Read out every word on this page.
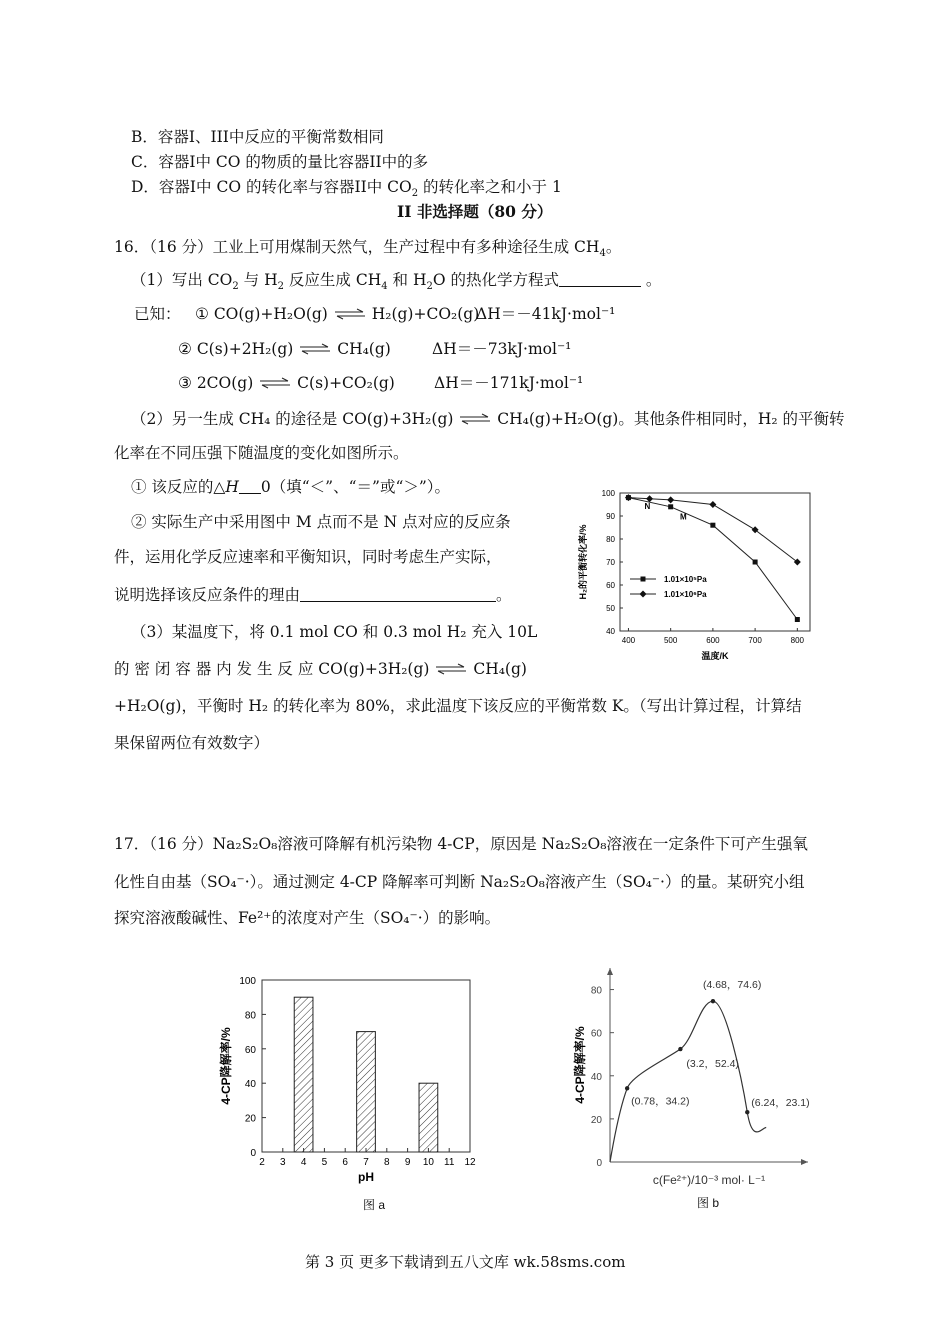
B．容器I、III中反应的平衡常数相同
C．容器I中 CO 的物质的量比容器II中的多
D．容器I中 CO 的转化率与容器II中 $CO_2$ 的转化率之和小于 1
II 非选择题（80 分）
16．（16 分）工业上可用煤制天然气，生产过程中有多种途径生成 $CH_4$。
（1）写出 $CO_2$ 与 $H_2$ 反应生成 $CH_4$ 和 $H_2O$ 的热化学方程式	。
已知： ① CO(g)+H₂O(g) ⇌ H₂(g)+CO₂(g)
ΔH＝－41kJ·mol⁻¹
② C(s)+2H₂(g) ⇌ CH₄(g)	ΔH＝－73kJ·mol⁻¹
③ 2CO(g) ⇌ C(s)+CO₂(g)	ΔH＝－171kJ·mol⁻¹
（2）另一生成 CH₄ 的途径是 CO(g)+3H₂(g) ⇌ CH₄(g)+H₂O(g)。其他条件相同时，H₂ 的平衡转
化率在不同压强下随温度的变化如图所示。
① 该反应的△H 0（填“＜”、“＝”或“＞”）。
② 实际生产中采用图中 M 点而不是 N 点对应的反应条
件，运用化学反应速率和平衡知识，同时考虑生产实际，
说明选择该反应条件的理由	。
（3）某温度下，将 0.1 mol CO 和 0.3 mol H₂ 充入 10L
的 密 闭 容 器 内 发 生 反 应 CO(g)+3H₂(g) ⇌ CH₄(g)
+H₂O(g)，平衡时 H₂ 的转化率为 80%，求此温度下该反应的平衡常数 K。（写出计算过程，计算结
果保留两位有效数字）
40
50
60
70
80
90
100
400	500	600	700	800
温度/K
H₂的平衡转化率/%	1.01×10⁵Pa
1.01×10⁶Pa
N
M
17．（16 分）Na₂S₂O₈溶液可降解有机污染物 4-CP，原因是 Na₂S₂O₈溶液在一定条件下可产生强氧
化性自由基（SO₄⁻·）。通过测定 4-CP 降解率可判断 Na₂S₂O₈溶液产生（SO₄⁻·）的量。某研究小组
探究溶液酸碱性、Fe²⁺的浓度对产生（SO₄⁻·）的影响。
0
20
40
60
80
100
2 3 4 5 6 7 8 9 10 11 12
pH
4-CP降解率/%
图 a
0
20
40
60
80
c(Fe²⁺)/10⁻³ mol· L⁻¹
4-CP降解率/%	(0.78，34.2)
(3.2，52.4)
(4.68，74.6)
(6.24，23.1)
图 b
第 3 页 更多下载请到五八文库 wk.58sms.com
